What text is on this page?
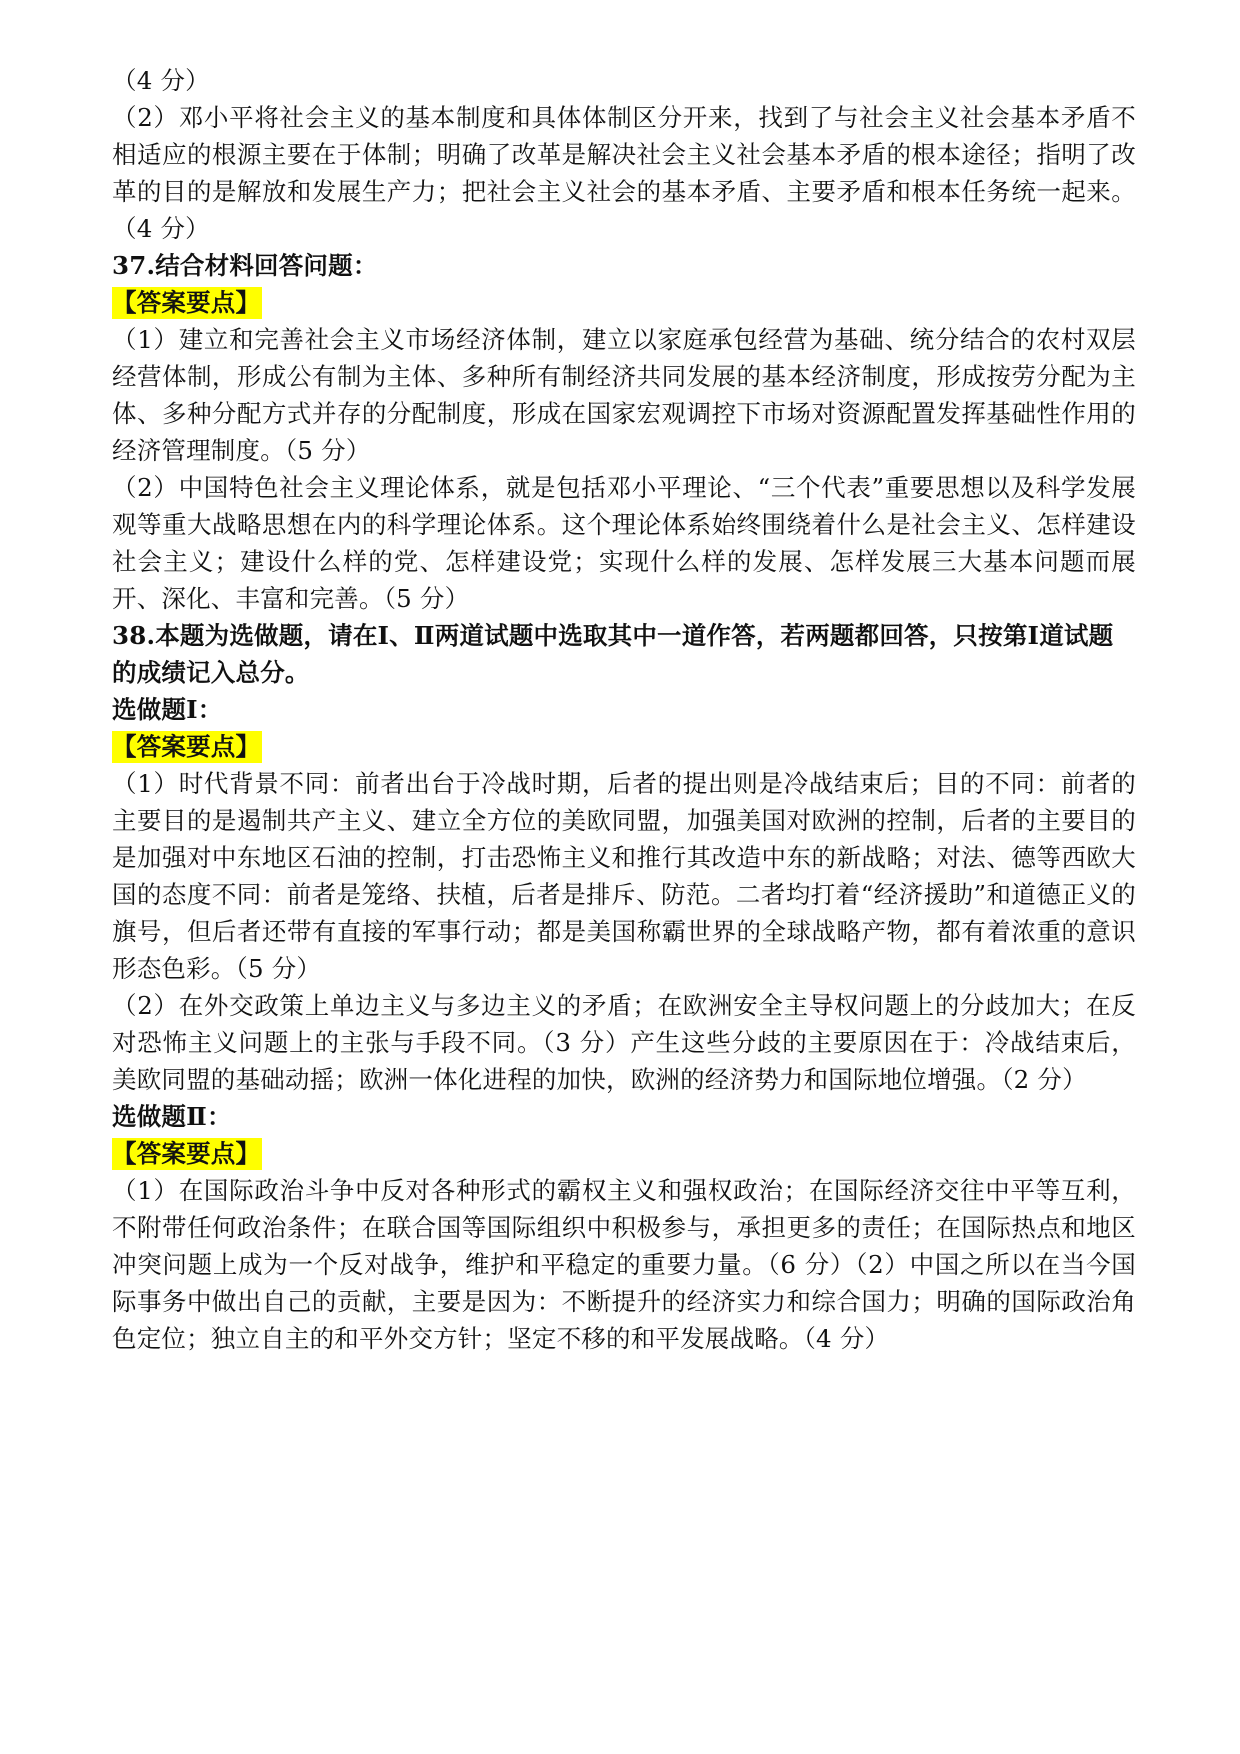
（4 分）

（2）邓小平将社会主义的基本制度和具体体制区分开来，找到了与社会主义社会基本矛盾不相适应的根源主要在于体制；明确了改革是解决社会主义社会基本矛盾的根本途径；指明了改革的目的是解放和发展生产力；把社会主义社会的基本矛盾、主要矛盾和根本任务统一起来。（4 分）

37.结合材料回答问题：

【答案要点】

（1）建立和完善社会主义市场经济体制，建立以家庭承包经营为基础、统分结合的农村双层经营体制，形成公有制为主体、多种所有制经济共同发展的基本经济制度，形成按劳分配为主体、多种分配方式并存的分配制度，形成在国家宏观调控下市场对资源配置发挥基础性作用的经济管理制度。（5 分）

（2）中国特色社会主义理论体系，就是包括邓小平理论、“三个代表”重要思想以及科学发展观等重大战略思想在内的科学理论体系。这个理论体系始终围绕着什么是社会主义、怎样建设社会主义；建设什么样的党、怎样建设党；实现什么样的发展、怎样发展三大基本问题而展开、深化、丰富和完善。（5 分）

38.本题为选做题，请在Ⅰ、Ⅱ两道试题中选取其中一道作答，若两题都回答，只按第Ⅰ道试题的成绩记入总分。

选做题Ⅰ：

【答案要点】

（1）时代背景不同：前者出台于冷战时期，后者的提出则是冷战结束后；目的不同：前者的主要目的是遏制共产主义、建立全方位的美欧同盟，加强美国对欧洲的控制，后者的主要目的是加强对中东地区石油的控制，打击恐怖主义和推行其改造中东的新战略；对法、德等西欧大国的态度不同：前者是笼络、扶植，后者是排斥、防范。二者均打着“经济援助”和道德正义的旗号，但后者还带有直接的军事行动；都是美国称霸世界的全球战略产物，都有着浓重的意识形态色彩。（5 分）

（2）在外交政策上单边主义与多边主义的矛盾；在欧洲安全主导权问题上的分歧加大；在反对恐怖主义问题上的主张与手段不同。（3 分）产生这些分歧的主要原因在于：冷战结束后，美欧同盟的基础动摇；欧洲一体化进程的加快，欧洲的经济势力和国际地位增强。（2 分）

选做题Ⅱ：

【答案要点】

（1）在国际政治斗争中反对各种形式的霸权主义和强权政治；在国际经济交往中平等互利，不附带任何政治条件；在联合国等国际组织中积极参与，承担更多的责任；在国际热点和地区冲突问题上成为一个反对战争，维护和平稳定的重要力量。（6 分）（2）中国之所以在当今国际事务中做出自己的贡献，主要是因为：不断提升的经济实力和综合国力；明确的国际政治角色定位；独立自主的和平外交方针；坚定不移的和平发展战略。（4 分）
